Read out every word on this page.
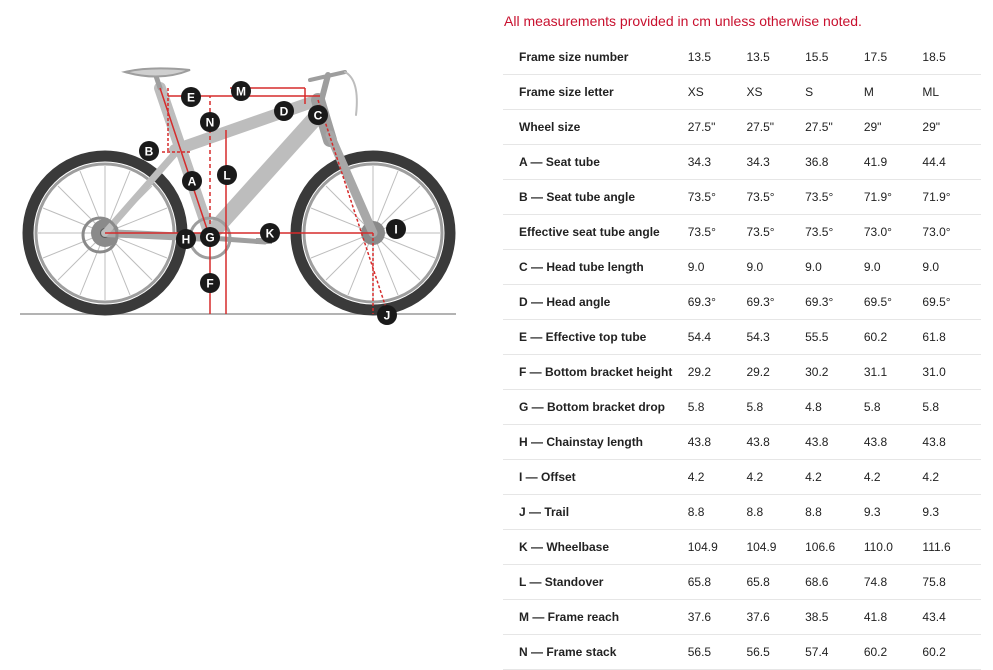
All measurements provided in cm unless otherwise noted.
M
E
D C
N
B
A L
K
H G
I
F
J
Frame size number	13.5	13.5	15.5	17.5	18.5
Frame size letter	XS	XS	S	M	ML
Wheel size	27.5"	27.5"	27.5"	29"	29"
A — Seat tube	34.3	34.3	36.8	41.9	44.4
B — Seat tube angle	73.5°	73.5°	73.5°	71.9°	71.9°
Effective seat tube angle	73.5°	73.5°	73.5°	73.0°	73.0°
C — Head tube length	9.0	9.0	9.0	9.0	9.0
D — Head angle	69.3°	69.3°	69.3°	69.5°	69.5°
E — Effective top tube	54.4	54.3	55.5	60.2	61.8
F — Bottom bracket height	29.2	29.2	30.2	31.1	31.0
G — Bottom bracket drop	5.8	5.8	4.8	5.8	5.8
H — Chainstay length	43.8	43.8	43.8	43.8	43.8
I — Offset	4.2	4.2	4.2	4.2	4.2
J — Trail	8.8	8.8	8.8	9.3	9.3
K — Wheelbase	104.9	104.9	106.6	110.0	111.6
L — Standover	65.8	65.8	68.6	74.8	75.8
M — Frame reach	37.6	37.6	38.5	41.8	43.4
N — Frame stack	56.5	56.5	57.4	60.2	60.2
